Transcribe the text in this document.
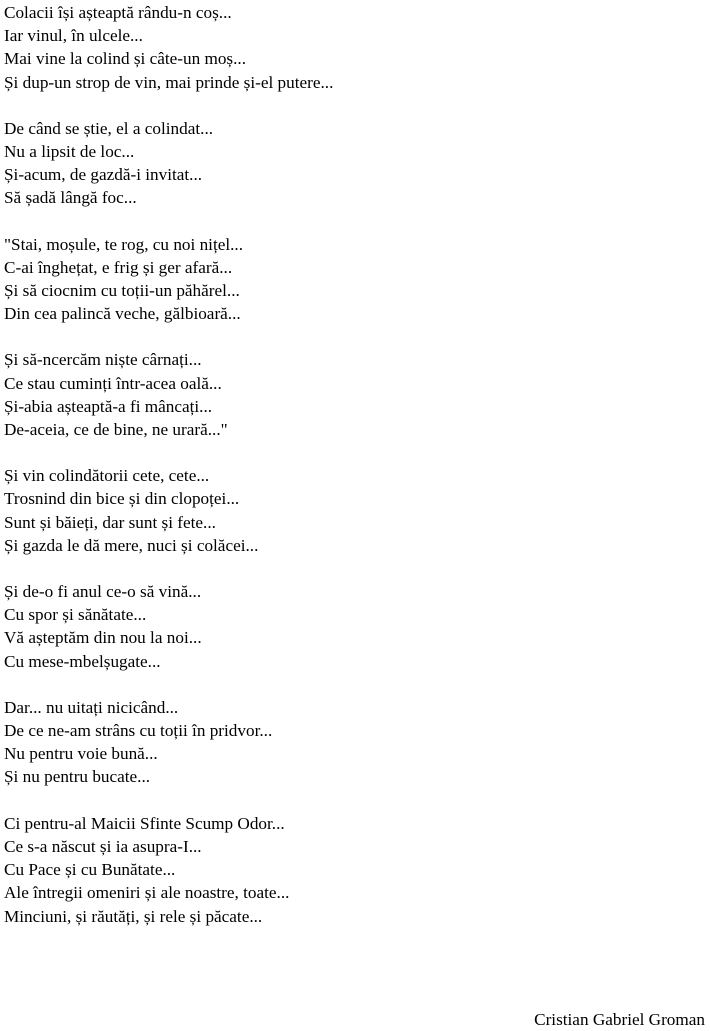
Colacii își așteaptă rându-n coș...
Iar vinul, în ulcele...
Mai vine la colind și câte-un moș...
Și dup-un strop de vin, mai prinde și-el putere...
De când se știe, el a colindat...
Nu a lipsit de loc...
Și-acum, de gazdă-i invitat...
Să șadă lângă foc...
"Stai, moșule, te rog, cu noi nițel...
C-ai înghețat, e frig și ger afară...
Și să ciocnim cu toții-un păhărel...
Din cea palincă veche, gălbioară...
Și să-ncercăm niște cârnați...
Ce stau cuminți într-acea oală...
Și-abia așteaptă-a fi mâncați...
De-aceia, ce de bine, ne urară..."
Și vin colindătorii cete, cete...
Trosnind din bice și din clopoței...
Sunt și băieți, dar sunt și fete...
Și gazda le dă mere, nuci și colăcei...
Și de-o fi anul ce-o să vină...
Cu spor și sănătate...
Vă așteptăm din nou la noi...
Cu mese-mbelșugate...
Dar... nu uitați nicicând...
De ce ne-am strâns cu toții în pridvor...
Nu pentru voie bună...
Și nu pentru bucate...
Ci pentru-al Maicii Sfinte Scump Odor...
Ce s-a născut și ia asupra-I...
Cu Pace și cu Bunătate...
Ale întregii omeniri și ale noastre, toate...
Minciuni, și răutăți, și rele și păcate...
Cristian Gabriel Groman
